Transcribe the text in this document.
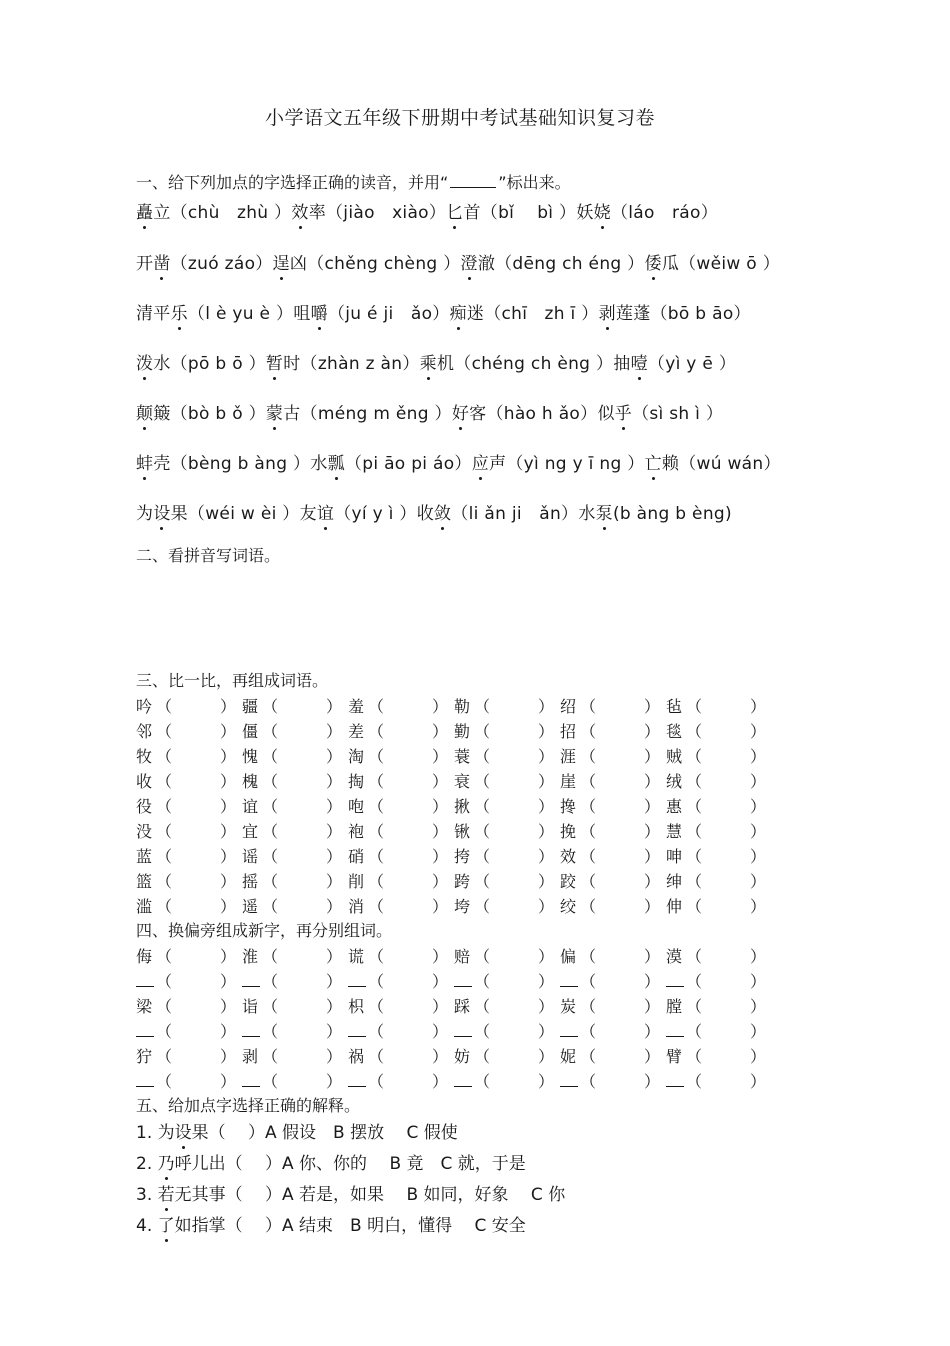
小学语文五年级下册期中考试基础知识复习卷
一、给下列加点的字选择正确的读音，并用“	”标出来。
矗立（chù　zhù ）效率（jiào　xiào）匕首（bǐ　 bì ）妖娆（láo　ráo）
开凿（zuó záo）逞凶（chěng chèng ）澄澈（dēng ch éng ）倭瓜（wěiw ō ）
清平乐（l è yu è ）咀嚼（ju é ji　ǎo）痴迷（chī　zh ī ）剥莲蓬（bō b āo）
泼水（pō b ō ）暂时（zhàn z àn）乘机（chéng ch èng ）抽噎（yì y ē ）
颠簸（bò b ǒ ）蒙古（méng m ěng ）好客（hào h ǎo）似乎（sì sh ì ）
蚌壳（bèng b àng ）水瓢（pi āo pi áo）应声（yì ng y ī ng ）亡赖（wú wán）
为设果（wéi w èi ）友谊（yí y ì ）收敛（li ǎn ji　ǎn）水泵(b àng b èng)
二、看拼音写词语。
三、比一比，再组成词语。
吟 （	） 疆 （	） 羞 （	） 勒 （	） 绍 （	） 毡 （	）
邻 （	） 僵 （	） 差 （	） 勤 （	） 招 （	） 毯 （	）
牧 （	） 愧 （	） 淘 （	） 蓑 （	） 涯 （	） 贼 （	）
收 （	） 槐 （	） 掏 （	） 衰 （	） 崖 （	） 绒 （	）
役 （	） 谊 （	） 咆 （	） 揪 （	） 搀 （	） 惠 （	）
没 （	） 宜 （	） 袍 （	） 锹 （	） 挽 （	） 慧 （	）
蓝 （	） 谣 （	） 硝 （	） 挎 （	） 效 （	） 呻 （	）
篮 （	） 摇 （	） 削 （	） 跨 （	） 跤 （	） 绅 （	）
滥 （	） 遥 （	） 消 （	） 垮 （	） 绞 （	） 伸 （	）
四、换偏旁组成新字，再分别组词。
侮 （	） 淮 （	） 谎 （	） 赔 （	） 偏 （	） 漠 （	）
（	）	（	）	（	）	（	）	（	）	（	）
梁 （	） 诣 （	） 枳 （	） 踩 （	） 炭 （	） 膛 （	）
（	）	（	）	（	）	（	）	（	）	（	）
狞 （	） 剥 （	） 祸 （	） 妨 （	） 妮 （	） 臂 （	）
（	）	（	）	（	）	（	）	（	）	（	）
五、给加点字选择正确的解释。
1. 为设果（　 ）A 假设　B 摆放　 C 假使
2. 乃呼儿出（　 ）A 你、你的　 B 竟　C 就，于是
3. 若无其事（　 ）A 若是，如果　 B 如同，好象　 C 你
4. 了如指掌（　 ）A 结束　B 明白，懂得　 C 安全
